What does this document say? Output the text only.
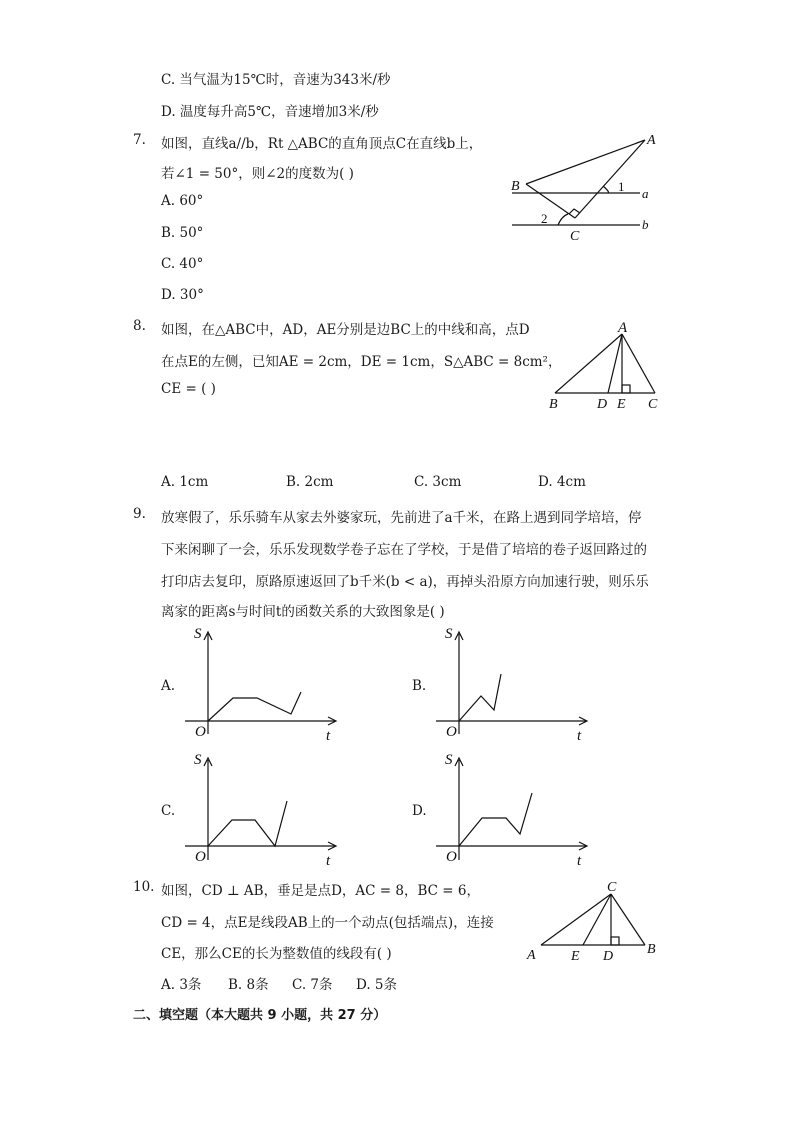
C. 当气温为15℃时，音速为343米/秒
D. 温度每升高5℃，音速增加3米/秒
7. 如图，直线a//b，Rt △ABC的直角顶点C在直线b上，
若∠1 = 50°，则∠2的度数为( )
A. 60°
B. 50°
C. 40°
D. 30°
A
B	1 a
2
C
b
8. 如图，在△ABC中，AD，AE分别是边BC上的中线和高，点D
在点E的左侧，已知AE = 2cm，DE = 1cm，S△ABC = 8cm²，
CE = ( )
A
B	D E C
A. 1cm	B. 2cm	C. 3cm	D. 4cm
9. 放寒假了，乐乐骑车从家去外婆家玩，先前进了a千米，在路上遇到同学培培，停
下来闲聊了一会，乐乐发现数学卷子忘在了学校，于是借了培培的卷子返回路过的
打印店去复印，原路原速返回了b千米(b < a)，再掉头沿原方向加速行驶，则乐乐
离家的距离s与时间t的函数关系的大致图象是( )
A.
S
O	t
B.
S
O	t
C.
S
O	t
D.
S
O	t
10. 如图，CD ⊥ AB，垂足是点D，AC = 8，BC = 6，
CD = 4，点E是线段AB上的一个动点(包括端点)，连接
CE，那么CE的长为整数值的线段有( )
A. 3条 B. 8条 C. 7条 D. 5条
C
A	E D B
二、填空题（本大题共 9 小题，共 27 分）
